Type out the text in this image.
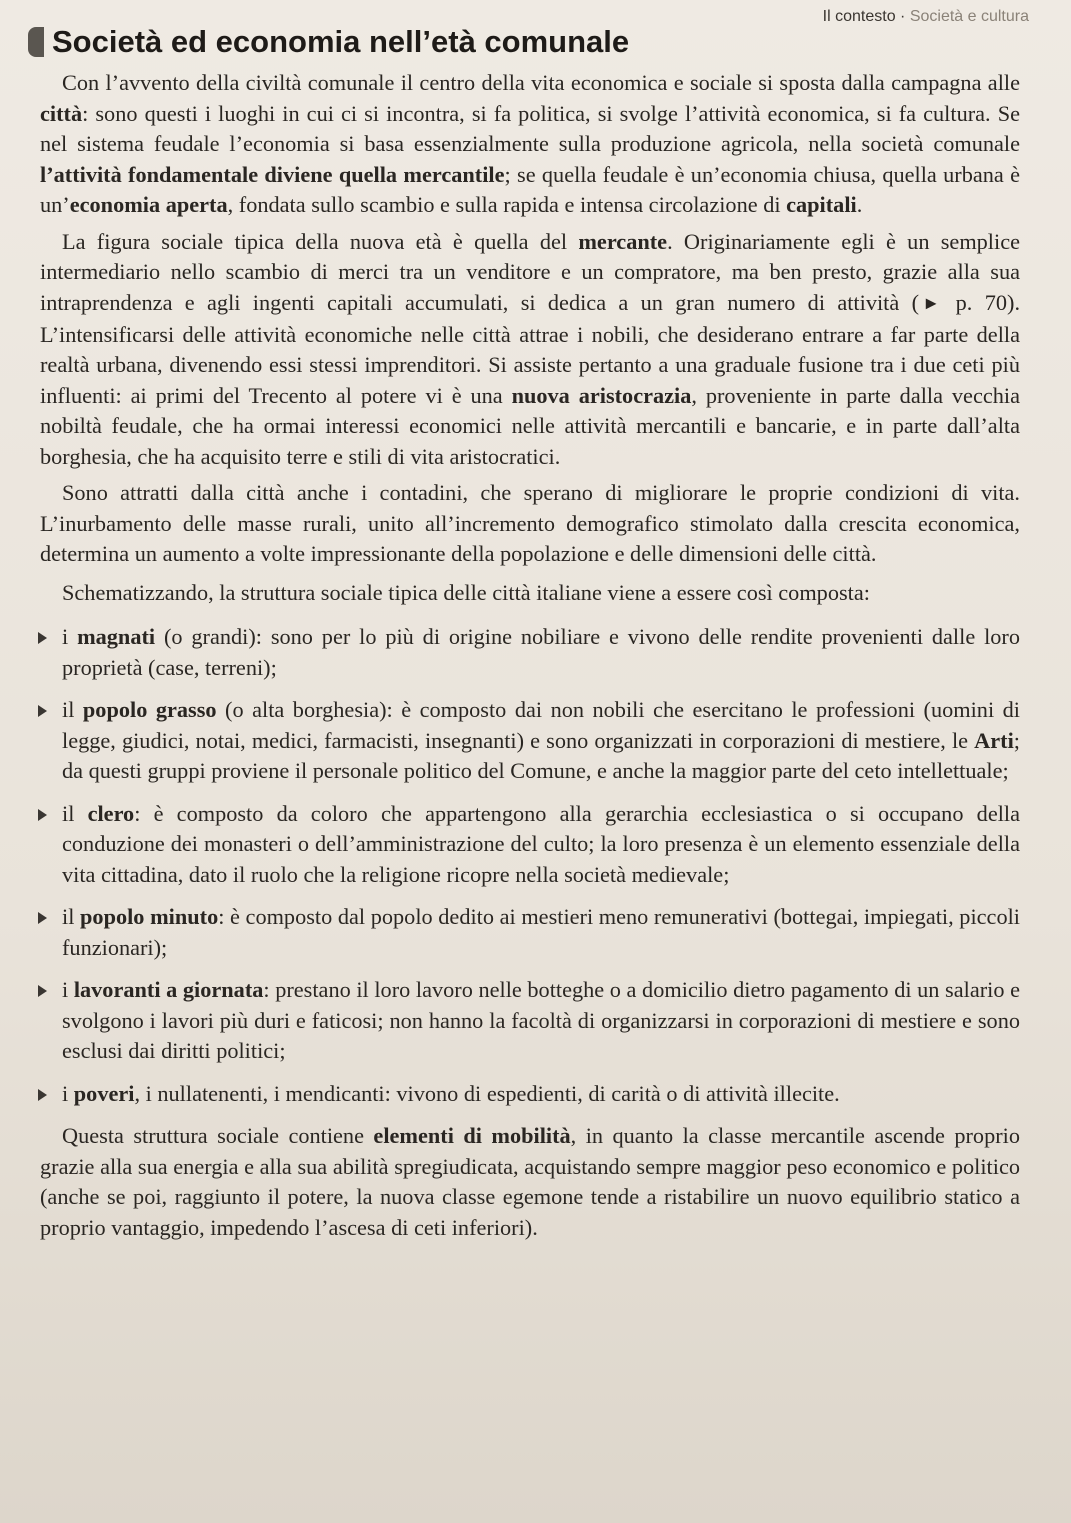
Il contesto · Società e cultura
Società ed economia nell’età comunale

Con l’avvento della civiltà comunale il centro della vita economica e sociale si sposta dalla campagna alle città: sono questi i luoghi in cui ci si incontra, si fa politica, si svolge l’attività economica, si fa cultura. Se nel sistema feudale l’economia si basa essenzialmente sulla produzione agricola, nella società comunale l’attività fondamentale diviene quella mercantile; se quella feudale è un’economia chiusa, quella urbana è un’economia aperta, fondata sullo scambio e sulla rapida e intensa circolazione di capitali.

La figura sociale tipica della nuova età è quella del mercante. Originariamente egli è un semplice intermediario nello scambio di merci tra un venditore e un compratore, ma ben presto, grazie alla sua intraprendenza e agli ingenti capitali accumulati, si dedica a un gran numero di attività (▶ p. 70). L’intensificarsi delle attività economiche nelle città attrae i nobili, che desiderano entrare a far parte della realtà urbana, divenendo essi stessi imprenditori. Si assiste pertanto a una graduale fusione tra i due ceti più influenti: ai primi del Trecento al potere vi è una nuova aristocrazia, proveniente in parte dalla vecchia nobiltà feudale, che ha ormai interessi economici nelle attività mercantili e bancarie, e in parte dall’alta borghesia, che ha acquisito terre e stili di vita aristocratici.

Sono attratti dalla città anche i contadini, che sperano di migliorare le proprie condizioni di vita. L’inurbamento delle masse rurali, unito all’incremento demografico stimolato dalla crescita economica, determina un aumento a volte impressionante della popolazione e delle dimensioni delle città.

Schematizzando, la struttura sociale tipica delle città italiane viene a essere così composta:

i magnati (o grandi): sono per lo più di origine nobiliare e vivono delle rendite provenienti dalle loro proprietà (case, terreni);
il popolo grasso (o alta borghesia): è composto dai non nobili che esercitano le professioni (uomini di legge, giudici, notai, medici, farmacisti, insegnanti) e sono organizzati in corporazioni di mestiere, le Arti; da questi gruppi proviene il personale politico del Comune, e anche la maggior parte del ceto intellettuale;
il clero: è composto da coloro che appartengono alla gerarchia ecclesiastica o si occupano della conduzione dei monasteri o dell’amministrazione del culto; la loro presenza è un elemento essenziale della vita cittadina, dato il ruolo che la religione ricopre nella società medievale;
il popolo minuto: è composto dal popolo dedito ai mestieri meno remunerativi (bottegai, impiegati, piccoli funzionari);
i lavoranti a giornata: prestano il loro lavoro nelle botteghe o a domicilio dietro pagamento di un salario e svolgono i lavori più duri e faticosi; non hanno la facoltà di organizzarsi in corporazioni di mestiere e sono esclusi dai diritti politici;
i poveri, i nullatenenti, i mendicanti: vivono di espedienti, di carità o di attività illecite.

Questa struttura sociale contiene elementi di mobilità, in quanto la classe mercantile ascende proprio grazie alla sua energia e alla sua abilità spregiudicata, acquistando sempre maggior peso economico e politico (anche se poi, raggiunto il potere, la nuova classe egemone tende a ristabilire un nuovo equilibrio statico a proprio vantaggio, impedendo l’ascesa di ceti inferiori).
